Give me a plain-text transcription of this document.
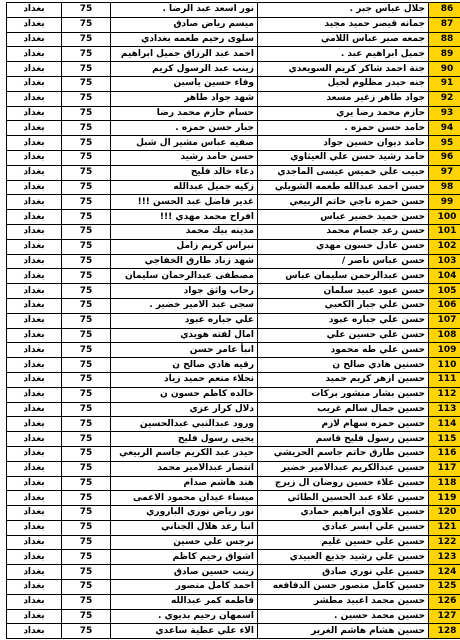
بغداد	75	نور اسعد عبد الرضا .	جلال عباس جبر .	86
بغداد	75	ميسم رياض صادق	جمانه قيصر حميد مجيد	87
بغداد	75	سلوى رحيم طعمه بغدادي	جمعه صبر عباس اللامي	88
بغداد	75	احمد عبد الرزاق جميل ابراهيم	جميل ابراهيم عبد .	89
بغداد	75	زينب عبد الرسول كريم	جنة احمد شاكر كريم السويعدي	90
بغداد	75	وفاء حسين ياسين	جنه حيدر مظلوم لجيل	91
بغداد	75	شهد جواد طاهر	جواد طاهر زغير مسعد	92
بغداد	75	حسام حازم محمد رضا	حازم محمد رضا يري	93
بغداد	75	جبار حسن حمزه .	حامد حسن حمزه .	94
بغداد	75	صفيه عباس مشير ال شبل	حامد ديوان حسين جواد	95
بغداد	75	حسن حامد رشيد	حامد رشيد حسن علي العيثاوي	96
بغداد	75	دعاء خالد فليح	حبيب علي خميس عيسى الماجدي	97
بغداد	75	زكيه جميل عبدالله	حسن احمد عبدالله طعمه الشويلي	98
بغداد	75	غدير فاضل عبد الحسن !!!	حسن حمزه ناجي حاتم الربيعي	99
بغداد	75	افراح محمد مهدي !!!	حسن حميد خضير عباس	100
بغداد	75	مدينه بيك محمد	حسن رعد جسام محمد	101
بغداد	75	نبراس كريم زامل	حسن عادل حسون مهدي	102
بغداد	75	شهد زناد طارق الخفاجي	حسن عباس ناصر /	103
بغداد	75	مصطفى عبدالرحمان سليمان	حسن عبدالرحمن سليمان عباس	104
بغداد	75	رحاب واثق جواد	حسن عبود عبيد سلمان	105
بغداد	75	سجى عبد الامير خضير .	حسن علي جبار الكعبي	106
بغداد	75	علي جباره عبود	حسن علي جباره عبود	107
بغداد	75	امال لفته هويدي	حسن علي حسين علي	108
بغداد	75	انبأ عامر حسن	حسن علي طه محمود	109
بغداد	75	رقيه هادي صالح ن	حسنين هادي صالح ن	110
بغداد	75	نجلاء منعم حميد زياد	حسين ازهر كريم حميد	111
بغداد	75	خالده كاظم حسون ن	حسين بشار منشور بركات	112
بغداد	75	دلال كرار عزي	حسين جمال سالم غريب	113
بغداد	75	ورود عبدالنبي عبدالحسين	حسين حمزه سهام لازم	114
بغداد	75	يحيى رسول فليح	حسين رسول فليح قاسم	115
بغداد	75	حيدر عبد الكريم جاسم الربيعي	حسين طارق حاتم جاسم الحريشي	116
بغداد	75	انتصار عبدالامير محمد	حسين عبدالكريم عبدالامير خضير	117
بغداد	75	هند هاشم صدام	حسين علاء حسين روضان ال زيرج	118
بغداد	75	ميساء عيدان محمود الاعمى	حسين علاء عبد الحسين الطائي	119
بغداد	75	نور رياض نوري الباروري	حسين علاوي ابراهيم حمادي	120
بغداد	75	انبأ رعد هلال الجناني	حسين علي ابسر عبادي	121
بغداد	75	نرجس علي حسين	حسين علي حسين غليم	122
بغداد	75	اشواق رحيم كاظم	حسين علي رشيد جذيع العبيدي	123
بغداد	75	زينب حسين صادق	حسين علي نوري صادق	124
بغداد	75	احمد كامل منصور	حسين كامل منصور حسن الدفافعه	125
بغداد	75	فاطمه كمر عبدالله	حسين محمد اعبيد مطشر	126
بغداد	75	اسمهان رحيم بديوي .	حسين محمد حسين .	127
بغداد	75	الاء علي عطية ساعدي	حسين هشام هاشم الغرير	128
